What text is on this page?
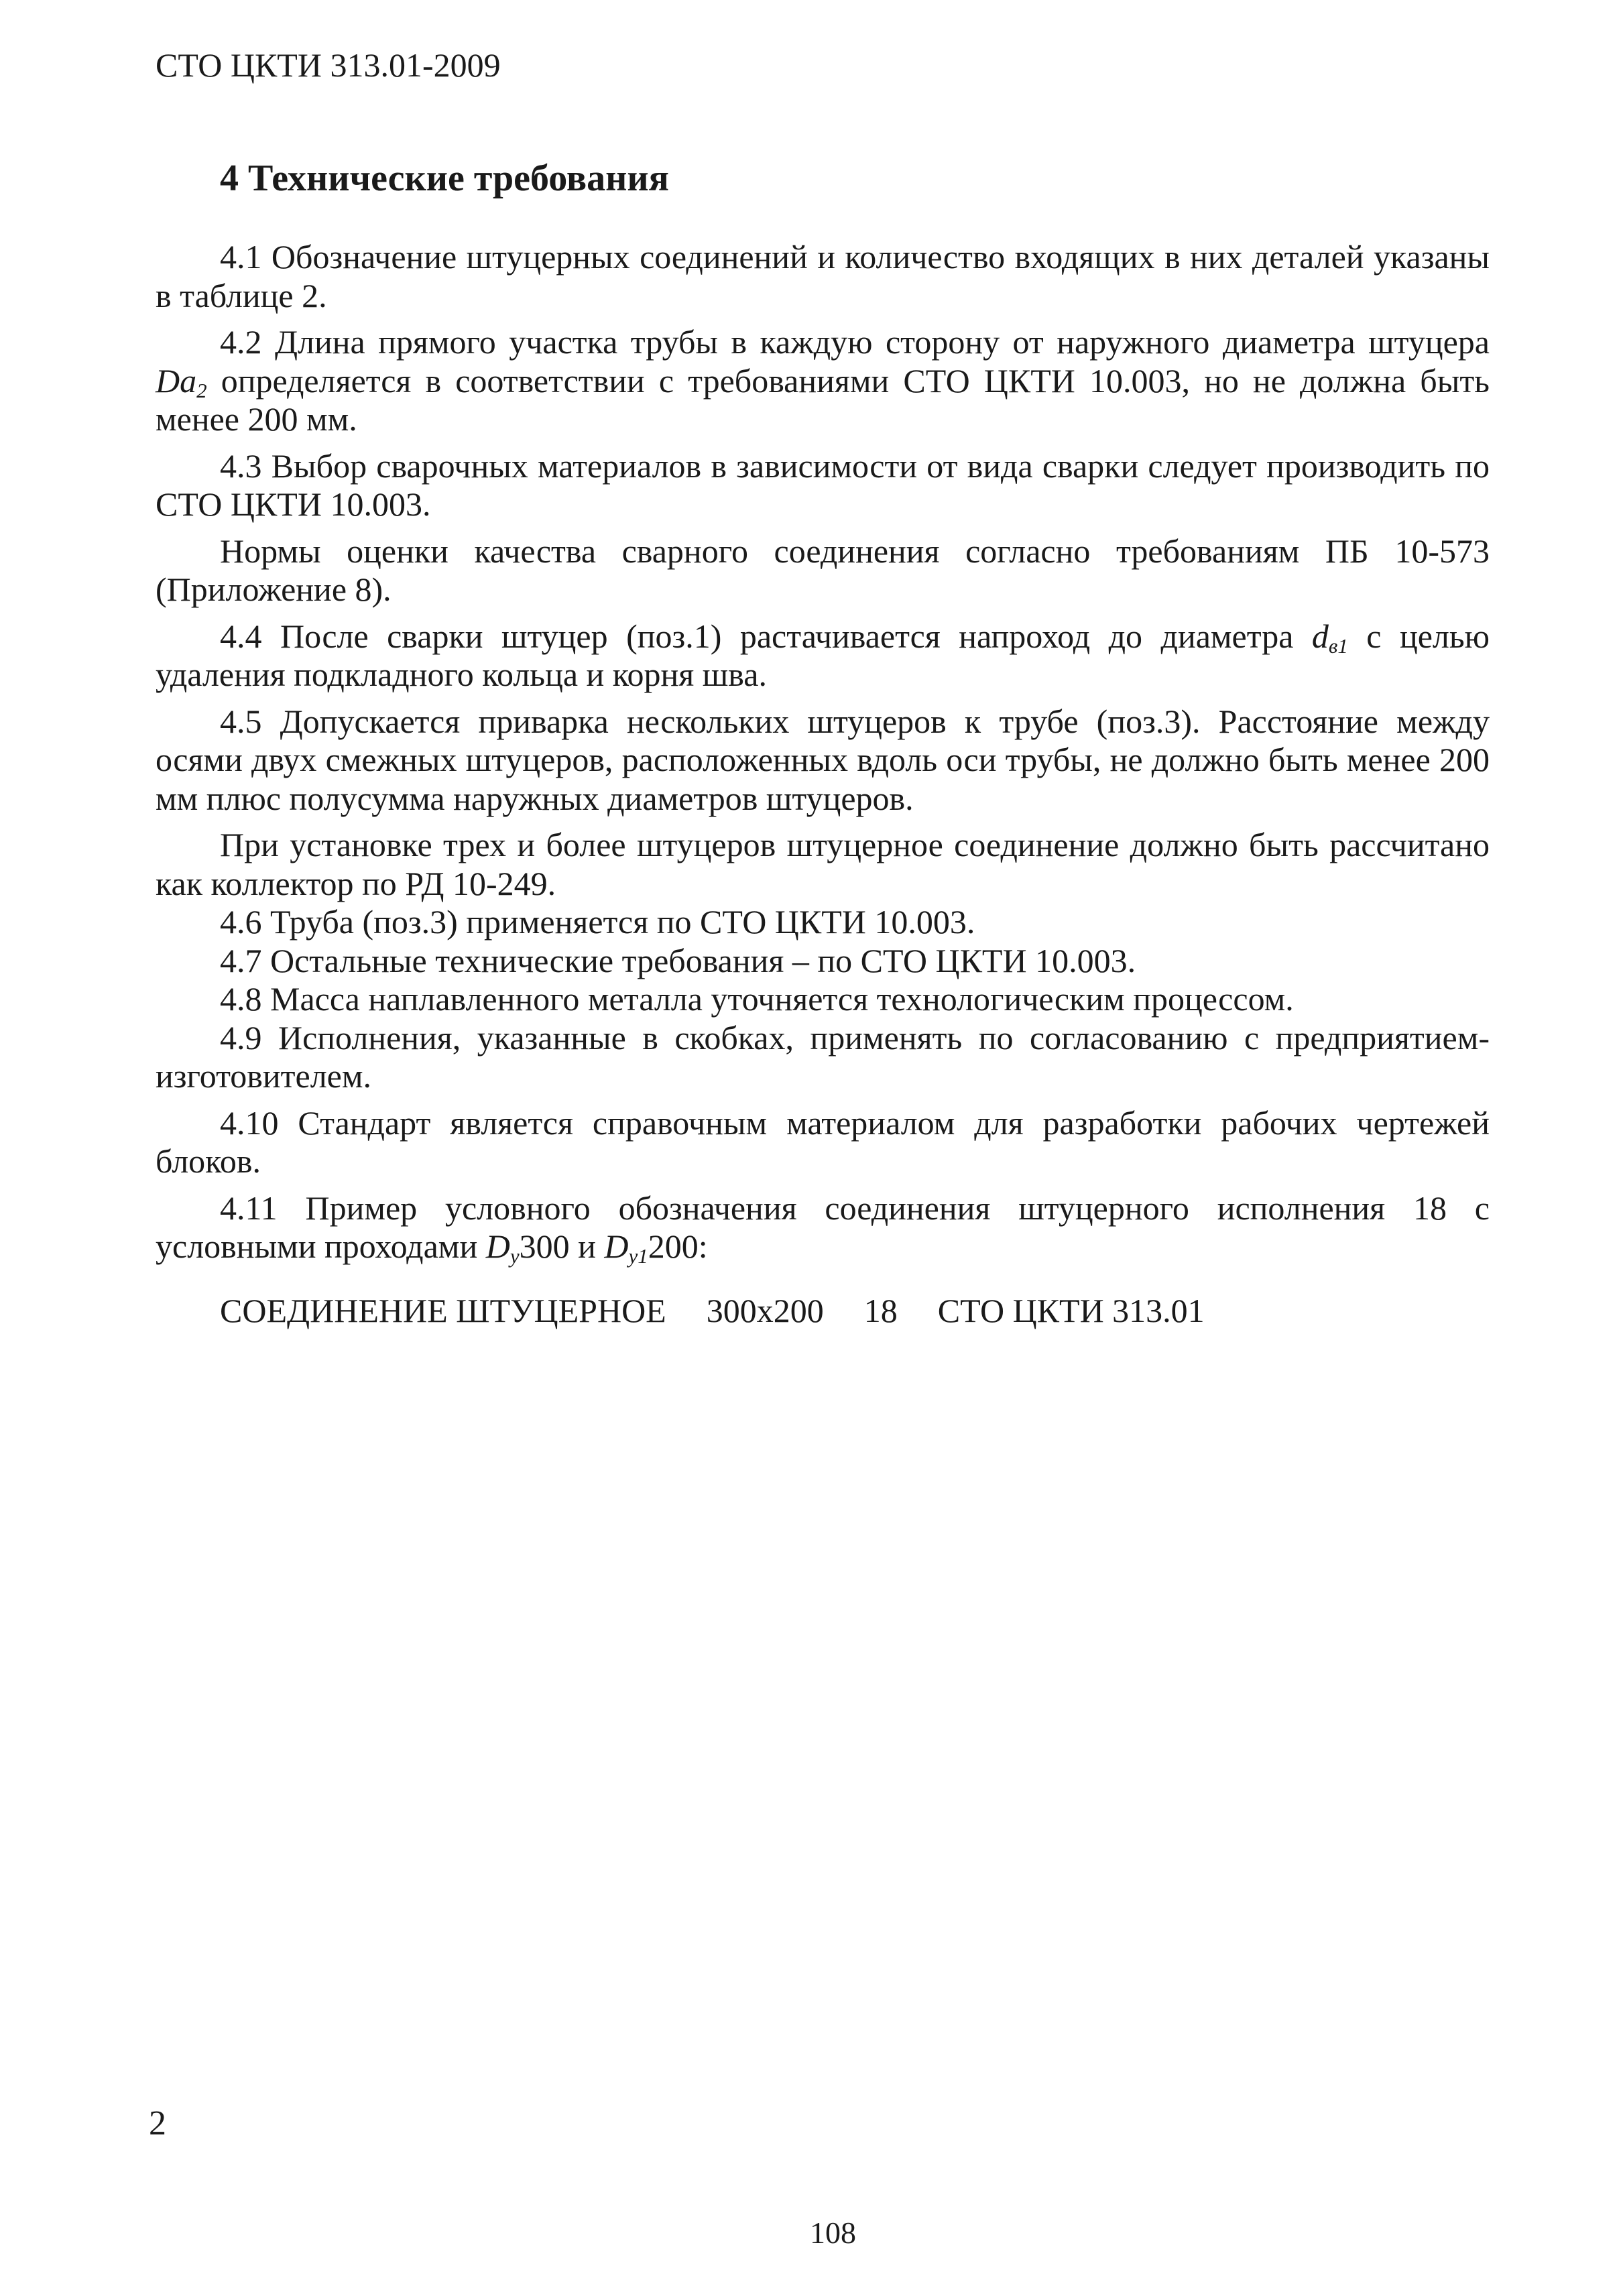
СТО ЦКТИ 313.01-2009
4 Технические требования

4.1 Обозначение штуцерных соединений и количество входящих в них деталей указаны в таблице 2.

4.2 Длина прямого участка трубы в каждую сторону от наружного диаметра штуцера $Da_2$ определяется в соответствии с требованиями СТО ЦКТИ 10.003, но не должна быть менее 200 мм.

4.3 Выбор сварочных материалов в зависимости от вида сварки следует производить по СТО ЦКТИ 10.003.

Нормы оценки качества сварного соединения согласно требованиям ПБ 10-573 (Приложение 8).

4.4 После сварки штуцер (поз.1) растачивается напроход до диаметра $d_{в1}$ с целью удаления подкладного кольца и корня шва.

4.5 Допускается приварка нескольких штуцеров к трубе (поз.3). Расстояние между осями двух смежных штуцеров, расположенных вдоль оси трубы, не должно быть менее 200 мм плюс полусумма наружных диаметров штуцеров.

При установке трех и более штуцеров штуцерное соединение должно быть рассчитано как коллектор по РД 10-249.

4.6 Труба (поз.3) применяется по СТО ЦКТИ 10.003.

4.7 Остальные технические требования – по СТО ЦКТИ 10.003.

4.8 Масса наплавленного металла уточняется технологическим процессом.

4.9 Исполнения, указанные в скобках, применять по согласованию с предприятием-изготовителем.

4.10 Стандарт является справочным материалом для разработки рабочих чертежей блоков.

4.11 Пример условного обозначения соединения штуцерного исполнения 18 с условными проходами $D_y300$ и $D_{y1}200$:

СОЕДИНЕНИЕ ШТУЦЕРНОЕ 300х200 18 СТО ЦКТИ 313.01
2
108
